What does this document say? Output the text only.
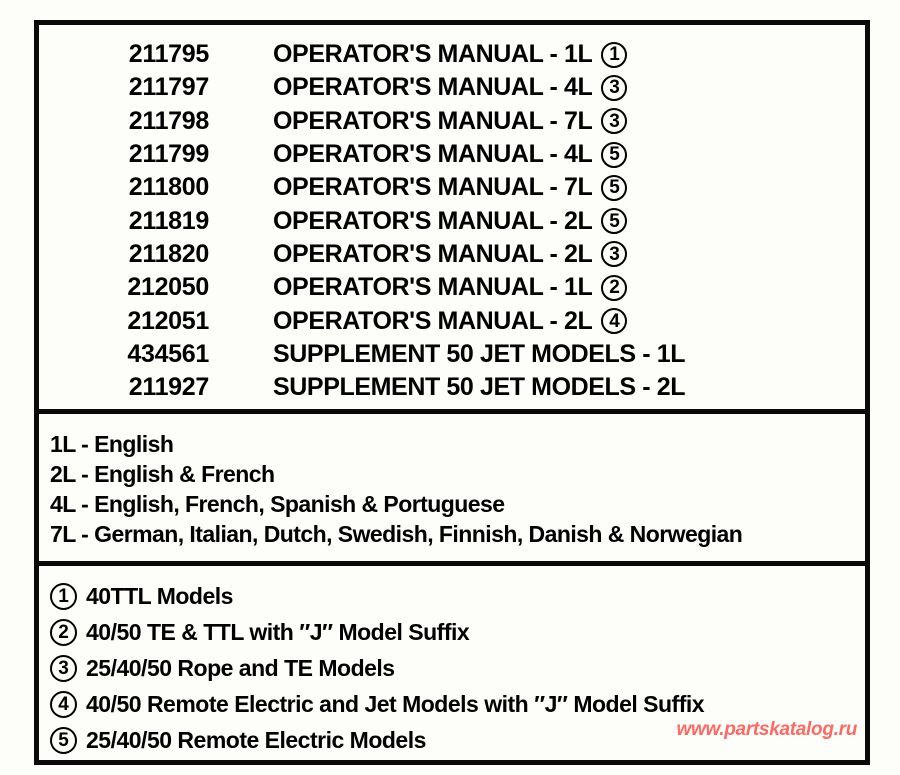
211795	OPERATOR'S MANUAL - 1L 1
211797	OPERATOR'S MANUAL - 4L 3
211798	OPERATOR'S MANUAL - 7L 3
211799	OPERATOR'S MANUAL - 4L 5
211800	OPERATOR'S MANUAL - 7L 5
211819	OPERATOR'S MANUAL - 2L 5
211820	OPERATOR'S MANUAL - 2L 3
212050	OPERATOR'S MANUAL - 1L 2
212051	OPERATOR'S MANUAL - 2L 4
434561	SUPPLEMENT 50 JET MODELS - 1L
211927	SUPPLEMENT 50 JET MODELS - 2L
1L - English
2L - English & French
4L - English, French, Spanish & Portuguese
7L - German, Italian, Dutch, Swedish, Finnish, Danish & Norwegian
1 40TTL Models
2 40/50 TE & TTL with ″J″ Model Suffix
3 25/40/50 Rope and TE Models
4 40/50 Remote Electric and Jet Models with ″J″ Model Suffix
5 25/40/50 Remote Electric Models	www.partskatalog.ru
